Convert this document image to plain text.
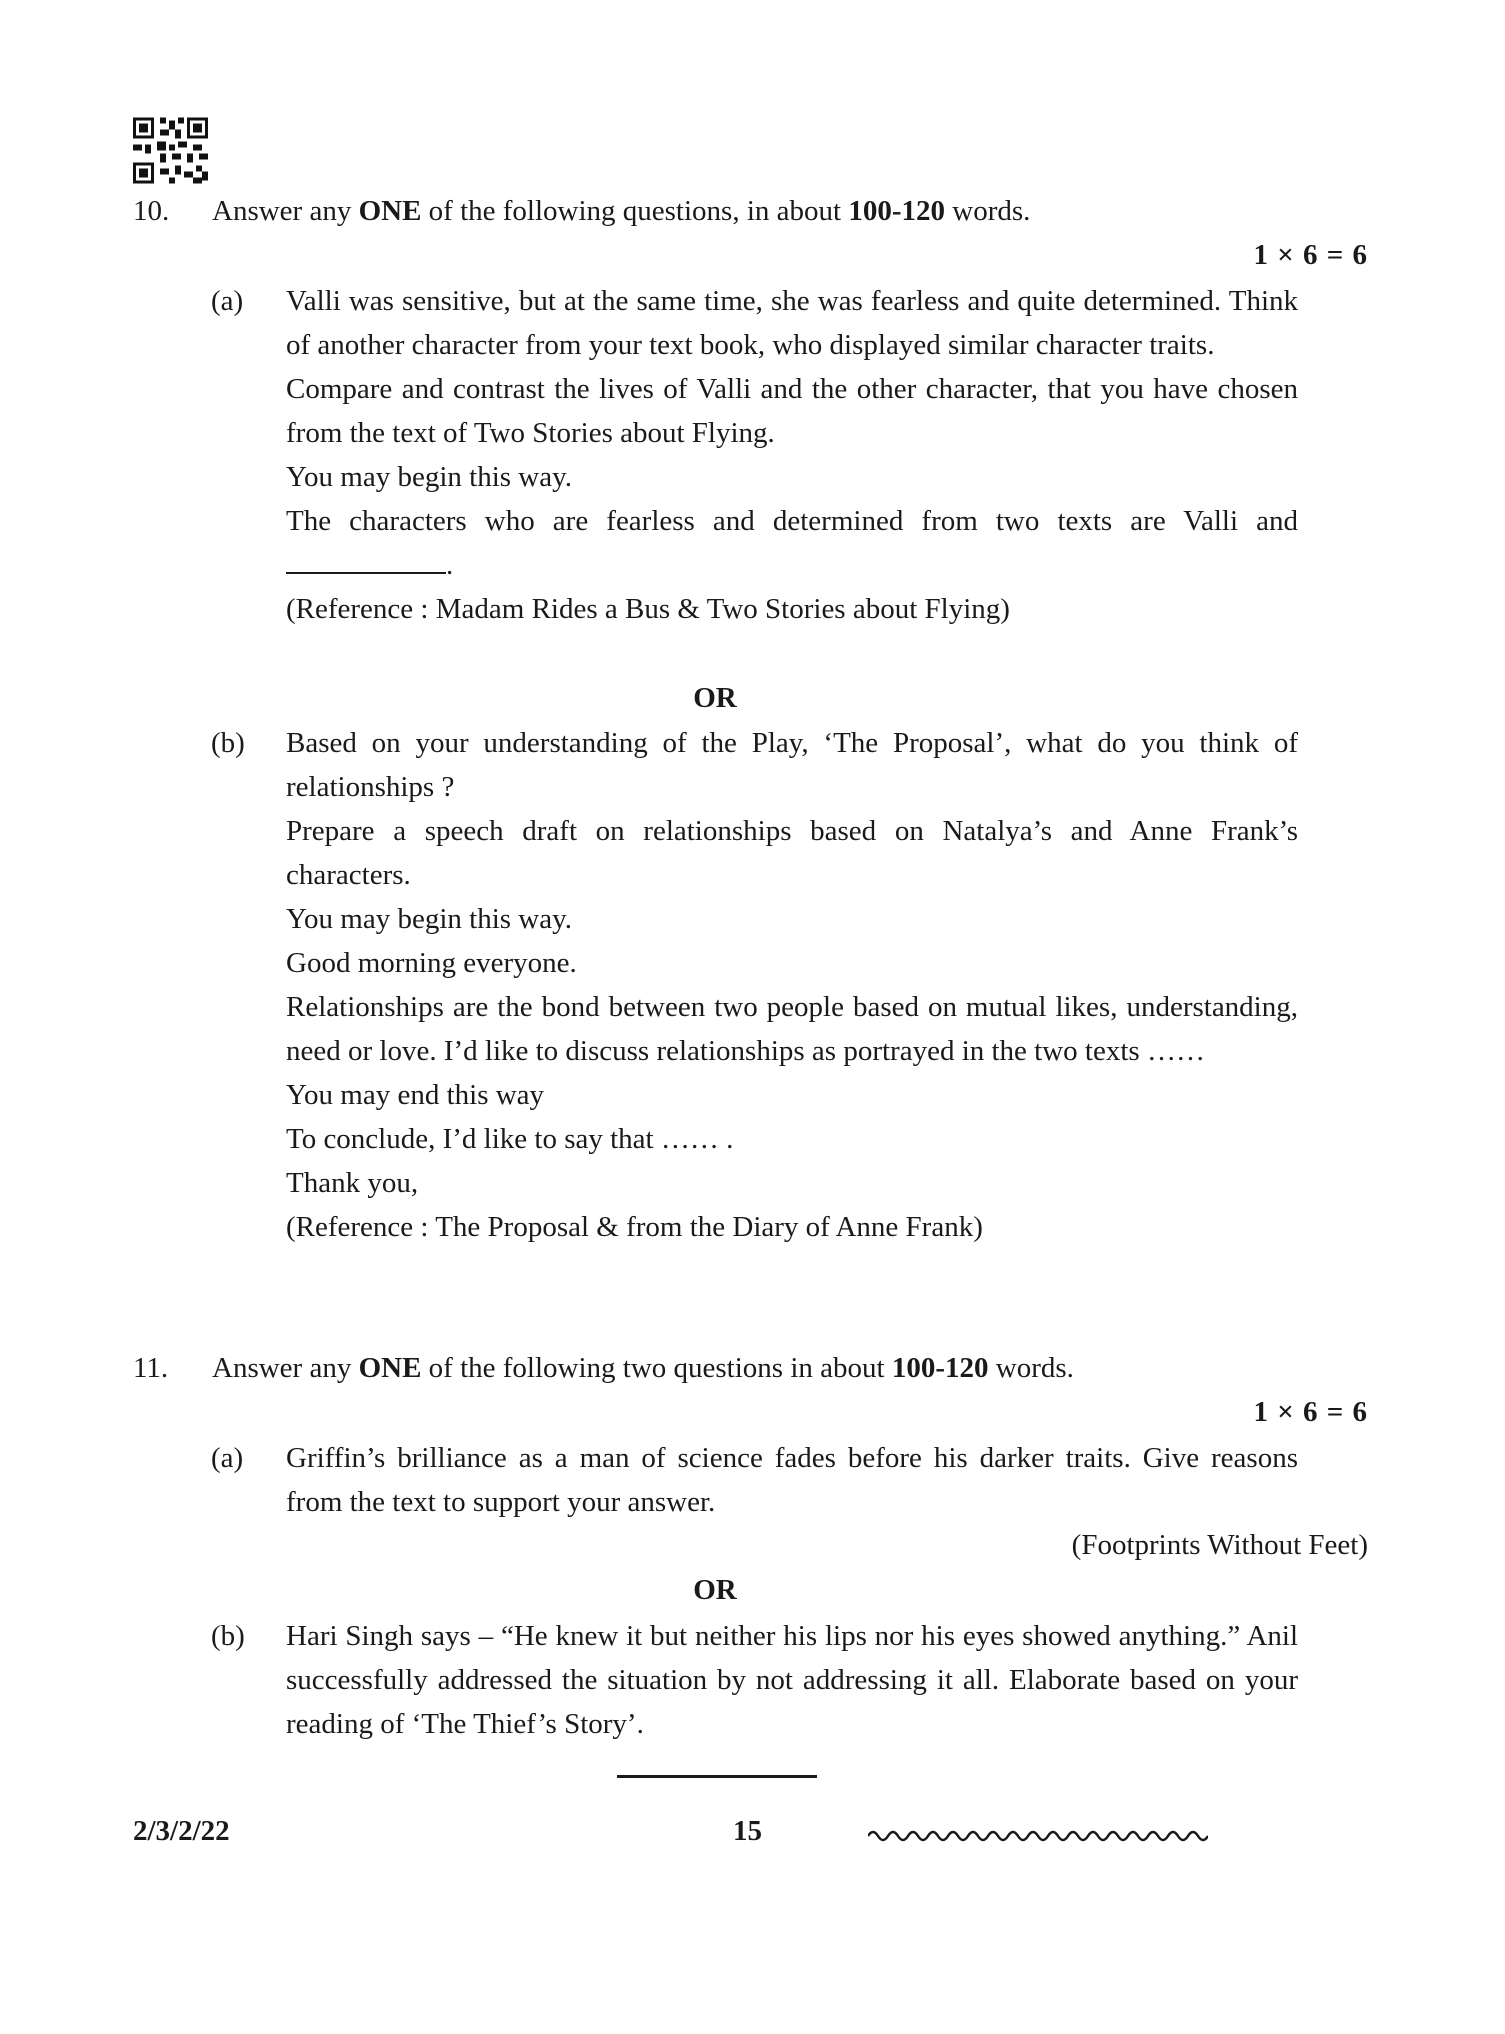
10. Answer any ONE of the following questions, in about 100-120 words.
1 × 6 = 6
(a) Valli was sensitive, but at the same time, she was fearless and quite determined. Think of another character from your text book, who displayed similar character traits.

Compare and contrast the lives of Valli and the other character, that you have chosen from the text of Two Stories about Flying.

You may begin this way.

The characters who are fearless and determined from two texts are Valli and .

(Reference : Madam Rides a Bus & Two Stories about Flying)

OR
(b) Based on your understanding of the Play, ‘The Proposal’, what do you think of relationships ?

Prepare a speech draft on relationships based on Natalya’s and Anne Frank’s characters.

You may begin this way.

Good morning everyone.

Relationships are the bond between two people based on mutual likes, understanding, need or love. I’d like to discuss relationships as portrayed in the two texts ……

You may end this way

To conclude, I’d like to say that …… .

Thank you,

(Reference : The Proposal & from the Diary of Anne Frank)

11. Answer any ONE of the following two questions in about 100-120 words.
1 × 6 = 6
(a) Griffin’s brilliance as a man of science fades before his darker traits. Give reasons from the text to support your answer.

(Footprints Without Feet)
OR
(b) Hari Singh says – “He knew it but neither his lips nor his eyes showed anything.” Anil successfully addressed the situation by not addressing it all. Elaborate based on your reading of ‘The Thief’s Story’.

2/3/2/22	15
